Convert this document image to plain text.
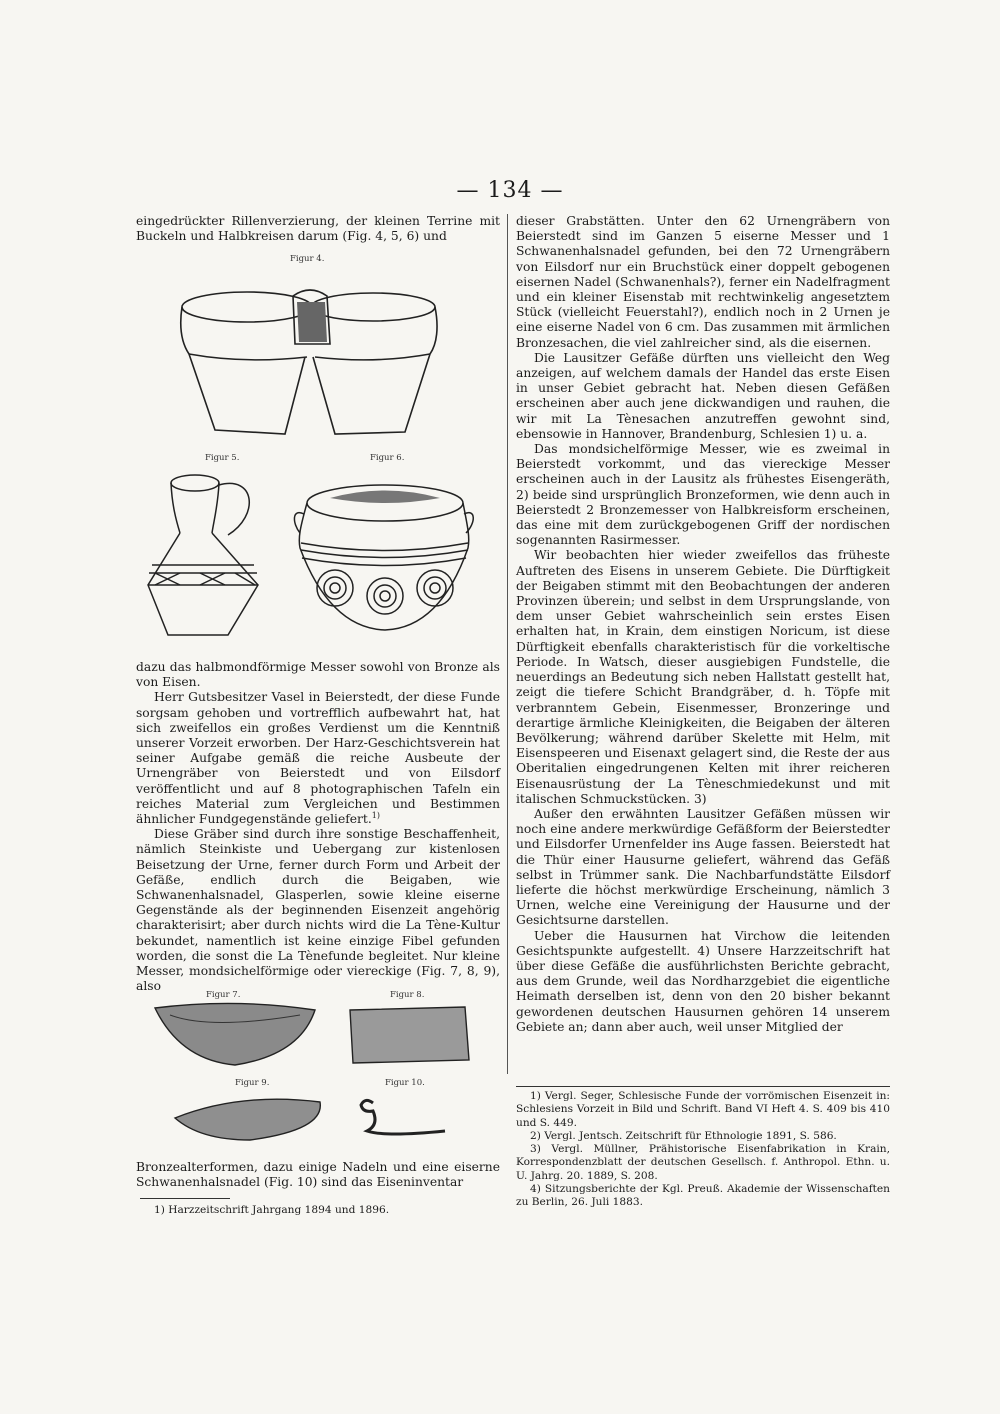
— 134 —

eingedrückter Rillenverzierung, der kleinen Terrine mit Buckeln und Halbkreisen darum (Fig. 4, 5, 6) und

Figur 4.
Figur 5.	Figur 6.

dazu das halbmondförmige Messer sowohl von Bronze als von Eisen.

Herr Gutsbesitzer Vasel in Beierstedt, der diese Funde sorgsam gehoben und vortrefflich aufbewahrt hat, hat sich zweifellos ein großes Verdienst um die Kenntniß unserer Vorzeit erworben. Der Harz-Geschichtsverein hat seiner Aufgabe gemäß die reiche Ausbeute der Urnengräber von Beierstedt und von Eilsdorf veröffentlicht und auf 8 photographischen Tafeln ein reiches Material zum Vergleichen und Bestimmen ähnlicher Fundgegenstände geliefert.$^{1)}$

Diese Gräber sind durch ihre sonstige Beschaffenheit, nämlich Steinkiste und Uebergang zur kistenlosen Beisetzung der Urne, ferner durch Form und Arbeit der Gefäße, endlich durch die Beigaben, wie Schwanenhalsnadel, Glasperlen, sowie kleine eiserne Gegenstände als der beginnenden Eisenzeit angehörig charakterisirt; aber durch nichts wird die La Tène-Kultur bekundet, namentlich ist keine einzige Fibel gefunden worden, die sonst die La Tènefunde begleitet. Nur kleine Messer, mondsichelförmige oder viereckige (Fig. 7, 8, 9), also

Figur 7.	Figur 8.
Figur 9.	Figur 10.

Bronzealterformen, dazu einige Nadeln und eine eiserne Schwanenhalsnadel (Fig. 10) sind das Eiseninventar

1) Harzzeitschrift Jahrgang 1894 und 1896.

dieser Grabstätten. Unter den 62 Urnengräbern von Beierstedt sind im Ganzen 5 eiserne Messer und 1 Schwanenhalsnadel gefunden, bei den 72 Urnengräbern von Eilsdorf nur ein Bruchstück einer doppelt gebogenen eisernen Nadel (Schwanenhals?), ferner ein Nadelfragment und ein kleiner Eisenstab mit rechtwinkelig angesetztem Stück (vielleicht Feuerstahl?), endlich noch in 2 Urnen je eine eiserne Nadel von 6 cm. Das zusammen mit ärmlichen Bronzesachen, die viel zahlreicher sind, als die eisernen.

Die Lausitzer Gefäße dürften uns vielleicht den Weg anzeigen, auf welchem damals der Handel das erste Eisen in unser Gebiet gebracht hat. Neben diesen Gefäßen erscheinen aber auch jene dickwandigen und rauhen, die wir mit La Tènesachen anzutreffen gewohnt sind, ebensowie in Hannover, Brandenburg, Schlesien 1) u. a.

Das mondsichelförmige Messer, wie es zweimal in Beierstedt vorkommt, und das viereckige Messer erscheinen auch in der Lausitz als frühestes Eisengeräth, 2) beide sind ursprünglich Bronzeformen, wie denn auch in Beierstedt 2 Bronzemesser von Halbkreisform erscheinen, das eine mit dem zurückgebogenen Griff der nordischen sogenannten Rasirmesser.

Wir beobachten hier wieder zweifellos das früheste Auftreten des Eisens in unserem Gebiete. Die Dürftigkeit der Beigaben stimmt mit den Beobachtungen der anderen Provinzen überein; und selbst in dem Ursprungslande, von dem unser Gebiet wahrscheinlich sein erstes Eisen erhalten hat, in Krain, dem einstigen Noricum, ist diese Dürftigkeit ebenfalls charakteristisch für die vorkeltische Periode. In Watsch, dieser ausgiebigen Fundstelle, die neuerdings an Bedeutung sich neben Hallstatt gestellt hat, zeigt die tiefere Schicht Brandgräber, d. h. Töpfe mit verbranntem Gebein, Eisenmesser, Bronzeringe und derartige ärmliche Kleinigkeiten, die Beigaben der älteren Bevölkerung; während darüber Skelette mit Helm, mit Eisenspeeren und Eisenaxt gelagert sind, die Reste der aus Oberitalien eingedrungenen Kelten mit ihrer reicheren Eisenausrüstung der La Tèneschmiedekunst und mit italischen Schmuckstücken. 3)

Außer den erwähnten Lausitzer Gefäßen müssen wir noch eine andere merkwürdige Gefäßform der Beierstedter und Eilsdorfer Urnenfelder ins Auge fassen. Beierstedt hat die Thür einer Hausurne geliefert, während das Gefäß selbst in Trümmer sank. Die Nachbarfundstätte Eilsdorf lieferte die höchst merkwürdige Erscheinung, nämlich 3 Urnen, welche eine Vereinigung der Hausurne und der Gesichtsurne darstellen.

Ueber die Hausurnen hat Virchow die leitenden Gesichtspunkte aufgestellt. 4) Unsere Harzzeitschrift hat über diese Gefäße die ausführlichsten Berichte gebracht, aus dem Grunde, weil das Nordharzgebiet die eigentliche Heimath derselben ist, denn von den 20 bisher bekannt gewordenen deutschen Hausurnen gehören 14 unserem Gebiete an; dann aber auch, weil unser Mitglied der

1) Vergl. Seger, Schlesische Funde der vorrömischen Eisenzeit in: Schlesiens Vorzeit in Bild und Schrift. Band VI Heft 4. S. 409 bis 410 und S. 449.

2) Vergl. Jentsch. Zeitschrift für Ethnologie 1891, S. 586.

3) Vergl. Müllner, Prähistorische Eisenfabrikation in Krain, Korrespondenzblatt der deutschen Gesellsch. f. Anthropol. Ethn. u. U. Jahrg. 20. 1889, S. 208.

4) Sitzungsberichte der Kgl. Preuß. Akademie der Wissenschaften zu Berlin, 26. Juli 1883.
